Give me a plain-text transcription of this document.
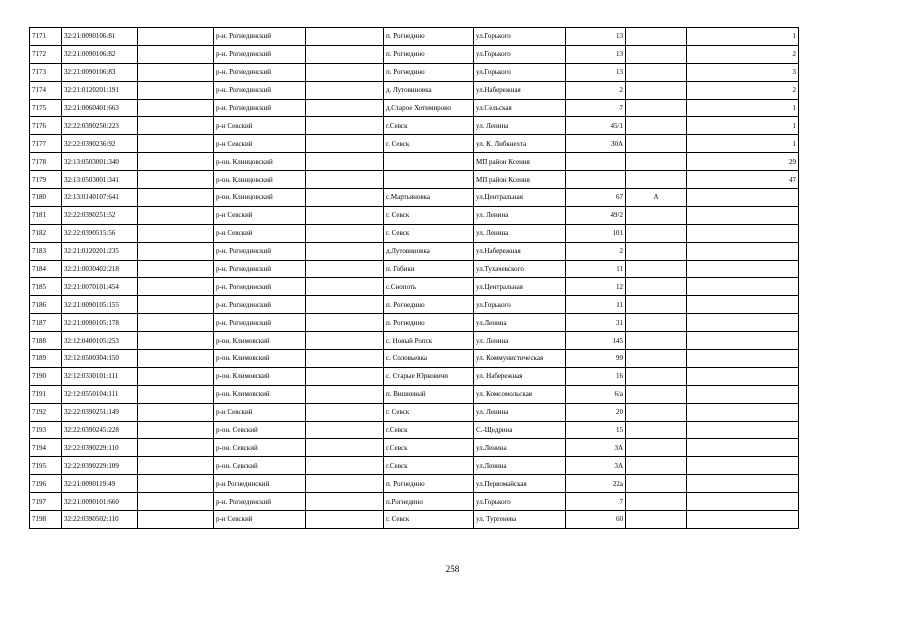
7171	32:21:0090106:81		р-н. Рогнединский		п. Рогнедино	ул.Горького	13		1
7172	32:21:0090106:82		р-н. Рогнединский		п. Рогнедино	ул.Горького	13		2
7173	32:21:0090106:83		р-н. Рогнединский		п. Рогнедино	ул.Горького	13		3
7174	32:21:0120201:191		р-н. Рогнединский		д. Лутовиновка	ул.Набережная	2		2
7175	32:21:0060401:663		р-н. Рогнединский		д.Старое Хотимирово	ул.Сельская	7		1
7176	32:22:0390250:223		р-н Севский		г.Севск	ул. Ленина	45/1		1
7177	32:22:0390236:92		р-н Севский		г. Севск	ул. К. Либкнехта	30А		1
7178	32:13:0503001:340		р-он. Клинцовский			МП район Ксения			29
7179	32:13:0503001:341		р-он. Клинцовский			МП район Ксения			47
7180	32:13:0140107:641		р-он. Клинцовский		с.Мартьяновка	ул.Центральная	67	А	
7181	32:22:0390251:52		р-н Севский		г. Севск	ул. Ленина	49/2		
7182	32:22:0390515:56		р-н Севский		г. Севск	ул. Ленина	101		
7183	32:21:0120201:235		р-н. Рогнединский		д.Лутовиновка	ул.Набережная	2		
7184	32:21:0030402:218		р-н. Рогнединский		п. Гобики	ул.Тухачевского	11		
7185	32:21:0070101:454		р-н. Рогнединский		с.Снопоть	ул.Центральная	12		
7186	32:21:0090105:155		р-н. Рогнединский		п. Рогнедино	ул.Горького	11		
7187	32:21:0090105:178		р-н. Рогнединский		п. Рогнедино	ул.Ленина	31		
7188	32:12:0400105:253		р-он. Климовский		с. Новый Ропск	ул. Ленина	145		
7189	32:12:0500304:150		р-он. Климовский		с. Соловьевка	ул. Коммунистическая	99		
7190	32:12:0330101:111		р-он. Климовский		с. Старые Юрковичи	ул. Набережная	16		
7191	32:12:0550104:111		р-он. Климовский		п. Вишневый	ул. Комсомольская	6/а		
7192	32:22:0390251:149		р-н Севский		г. Севск	ул. Ленина	20		
7193	32:22:0390245:228		р-он. Севский		г.Севск	С.-Щедрина	15		
7194	32:22:0390229:110		р-он. Севский		г.Севск	ул.Ленина	3А		
7195	32:22:0390229:109		р-он. Севский		г.Севск	ул.Ленина	3А		
7196	32:21:0090119:49		р-н Рогнединский		п. Рогнедино	ул.Первомайская	22а		
7197	32:21:0090101:660		р-н. Рогнединский		п.Рогнедино	ул.Горького	7		
7198	32:22:0390502:110		р-н Севский		г. Севск	ул. Тургенева	60		
258
